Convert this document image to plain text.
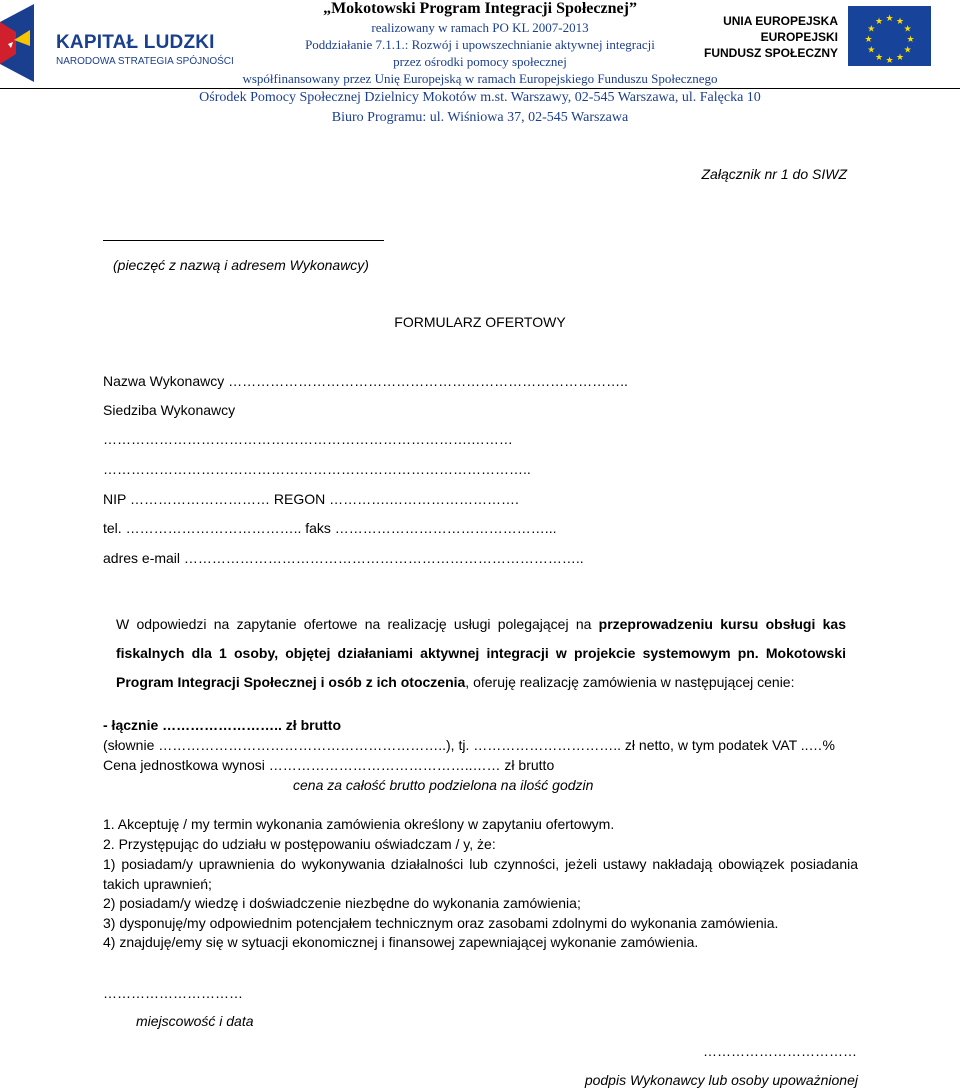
KAPITAŁ LUDZKI
NARODOWA STRATEGIA SPÓJNOŚCI
„Mokotowski Program Integracji Społecznej”
realizowany w ramach PO KL 2007-2013
Poddziałanie 7.1.1.: Rozwój i upowszechnianie aktywnej integracji
przez ośrodki pomocy społecznej
współfinansowany przez Unię Europejską w ramach Europejskiego Funduszu Społecznego
UNIA EUROPEJSKA
EUROPEJSKI
FUNDUSZ SPOŁECZNY
★ ★
★
★
★
★
★
★
★
★
★
★
Ośrodek Pomocy Społecznej Dzielnicy Mokotów m.st. Warszawy, 02-545 Warszawa, ul. Falęcka 10
Biuro Programu: ul. Wiśniowa 37, 02-545 Warszawa
Załącznik nr 1 do SIWZ
(pieczęć z nazwą i adresem Wykonawcy)
FORMULARZ OFERTOWY
Nazwa Wykonawcy …………………………………………………………………………..
Siedziba Wykonawcy
…………………………………………………………………….………
………………………………………………………………………………..
NIP ………………………… REGON ………….……………………….
tel. ……………………………….. faks ………………………………………...
adres e-mail …………………………………………………………………………..
W odpowiedzi na zapytanie ofertowe na realizację usługi polegającej na przeprowadzeniu kursu obsługi kas fiskalnych dla 1 osoby, objętej działaniami aktywnej integracji w projekcie systemowym pn. Mokotowski Program Integracji Społecznej i osób z ich otoczenia, oferuję realizację zamówienia w następującej cenie:
- łącznie …………………….. zł brutto
(słownie ……………………………………………………..), tj. ………………………….. zł netto, w tym podatek VAT ..…%
Cena jednostkowa wynosi ……………………………………..…… zł brutto
cena za całość brutto podzielona na ilość godzin
1. Akceptuję / my termin wykonania zamówienia określony w zapytaniu ofertowym.
2. Przystępując do udziału w postępowaniu oświadczam / y, że:
1) posiadam/y uprawnienia do wykonywania działalności lub czynności, jeżeli ustawy nakładają obowiązek posiadania takich uprawnień;
2) posiadam/y wiedzę i doświadczenie niezbędne do wykonania zamówienia;
3) dysponuję/my odpowiednim potencjałem technicznym oraz zasobami zdolnymi do wykonania zamówienia.
4) znajduję/emy się w sytuacji ekonomicznej i finansowej zapewniającej wykonanie zamówienia.
…………………………
miejscowość i data
……………………………
podpis Wykonawcy lub osoby upoważnionej
